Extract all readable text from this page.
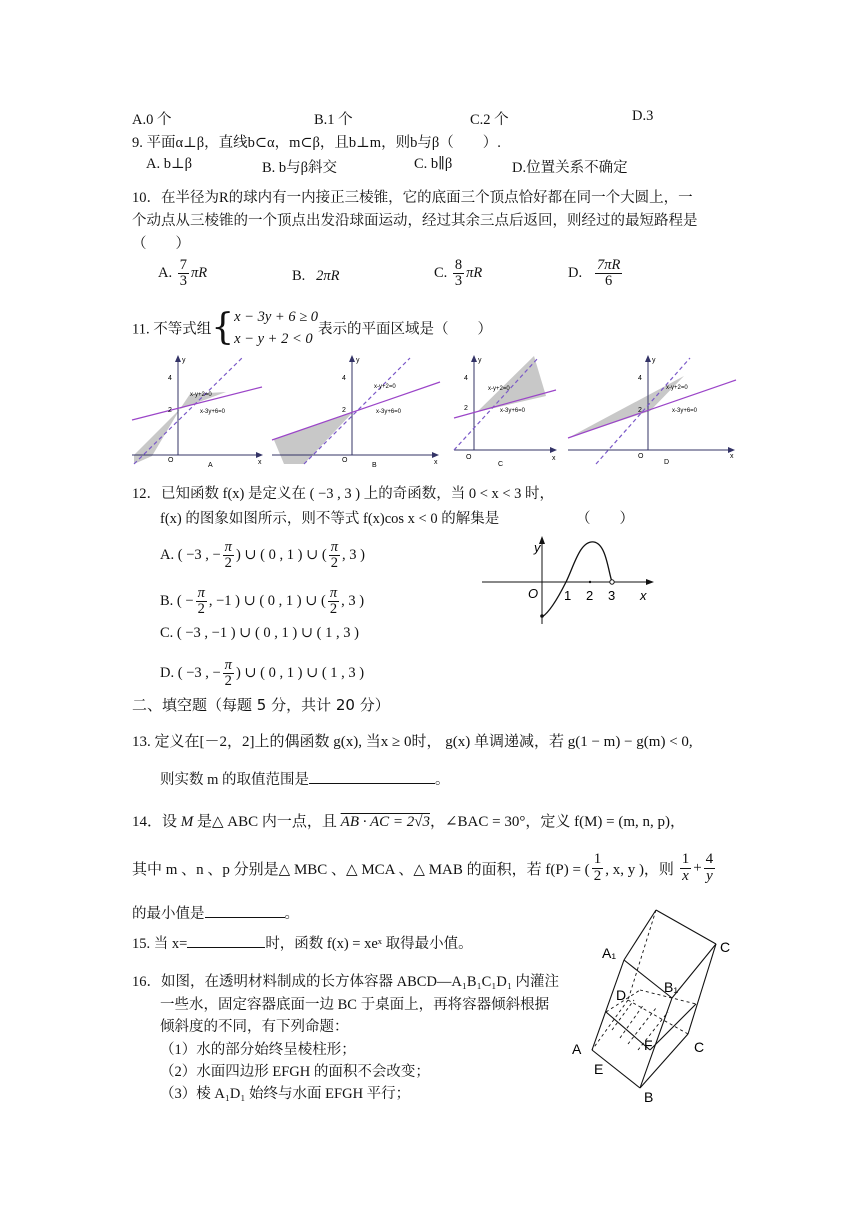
A.0 个	B.1 个	C.2 个	D.3
9. 平面α⊥β，直线b⊂α，m⊂β，且b⊥m，则b与β（　　）.
A. b⊥β	B. b与β斜交	C. b∥β	D.位置关系不确定
10．在半径为R的球内有一内接正三棱锥，它的底面三个顶点恰好都在同一个大圆上，一
个动点从三棱锥的一个顶点出发沿球面运动，经过其余三点后返回，则经过的最短路程是
（　　）
A. $\frac{7}{3}$ πR	B. 2πR	C. $\frac{8}{3}$ πR	D. $\frac{7\pi R}{6}$
11. 不等式组{ x − 3y + 6 ≥ 0
x − y + 2 < 0
表示的平面区域是（　　）
4
2
y
O	x
x-y+2=0
x-3y+6=0
A
4
2
y
O	x
x-y+2=0
x-3y+6=0
B
4
2
y
O	x
x-y+2=0
x-3y+6=0
C
4
2
y
O	x
x-y+2=0
x-3y+6=0
D
12．已知函数 f(x) 是定义在 ( −3 , 3 ) 上的奇函数，当 0 < x < 3 时，
f(x) 的图象如图所示，则不等式 f(x)cos x < 0 的解集是	（　　）
A. ( −3 , − $\frac{\pi}{2}$ ) ∪ ( 0 , 1 ) ∪ ( $\frac{\pi}{2}$ , 3 )
B. ( − $\frac{\pi}{2}$ , −1 ) ∪ ( 0 , 1 ) ∪ ( $\frac{\pi}{2}$ , 3 )
C. ( −3 , −1 ) ∪ ( 0 , 1 ) ∪ ( 1 , 3 )
D. ( −3 , − $\frac{\pi}{2}$ ) ∪ ( 0 , 1 ) ∪ ( 1 , 3 )
y
O 1 2 3 x
二、填空题（每题 5 分，共计 20 分）
13. 定义在[－2，2]上的偶函数 g(x), 当x ≥ 0时， g(x) 单调递减，若 g(1 − m) − g(m) < 0,
则实数 m 的取值范围是	。
14．设 M 是△ ABC 内一点，且 AB · AC = 2√3，∠BAC = 30°，定义 f(M) = (m, n, p)，
其中 m 、n 、p 分别是△ MBC 、△ MCA 、△ MAB 的面积，若 f(P) = ( $\frac{1}{2}$ , x, y )，则 $\frac{1}{x} + \frac{4}{y}$
的最小值是	。
15. 当 x=	时，函数 f(x) = xeˣ 取得最小值。
16．如图，在透明材料制成的长方体容器 ABCD—A₁B₁C₁D₁ 内灌注
一些水，固定容器底面一边 BC 于桌面上，再将容器倾斜根据
倾斜度的不同，有下列命题：
（1）水的部分始终呈棱柱形；
（2）水面四边形 EFGH 的面积不会改变；
（3）棱 A₁D₁ 始终与水面 EFGH 平行；
A₁
B₁
C
D
A	F	C
E
B
